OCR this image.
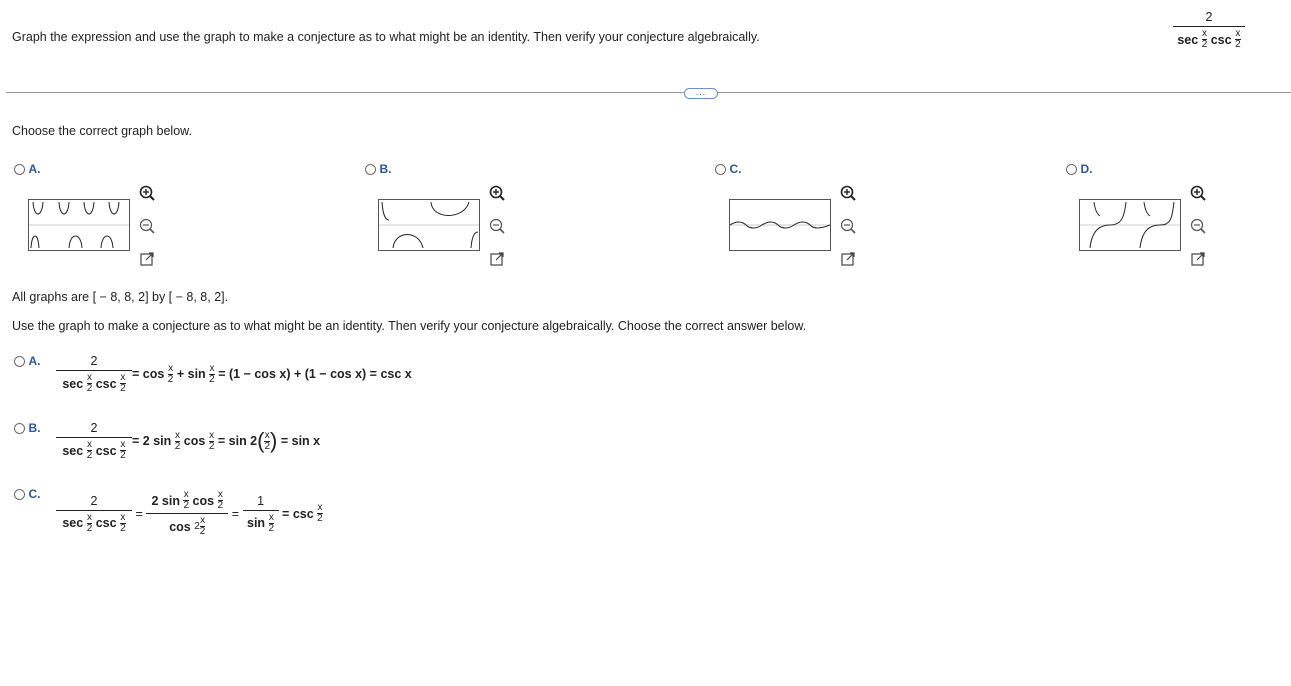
Graph the expression and use the graph to make a conjecture as to what might be an identity. Then verify your conjecture algebraically.	2
sec
$\frac{x}{2}$
csc
$\frac{x}{2}$
...
Choose the correct graph below.
A.	B.	C.	D.
All graphs are [ − 8, 8, 2] by [ − 8, 8, 2].
Use the graph to make a conjecture as to what might be an identity. Then verify your conjecture algebraically. Choose the correct answer below.
A. 2
sec
$\frac{x}{2}$
csc
$\frac{x}{2} = \cos$
$\frac{x}{2}$
+ sin
$\frac{x}{2}$
= (1 − cos x) + (1 − cos x) = csc x
B. 2
sec
$\frac{x}{2}$
csc
$\frac{x}{2} = 2$ sin
$\frac{x}{2}$
cos
$\frac{x}{2}$
= sin 2 ( $\frac{x}{2}$ )
= sin x
C. 2
sec
$\frac{x}{2}$
csc
$\frac{x}{2}$
=
2 sin
$\frac{x}{2}$
cos
$\frac{x}{2}$
cos
$2 \frac{x}{2}$
=
1
sin
$\frac{x}{2}$
= csc
$\frac{x}{2}$
